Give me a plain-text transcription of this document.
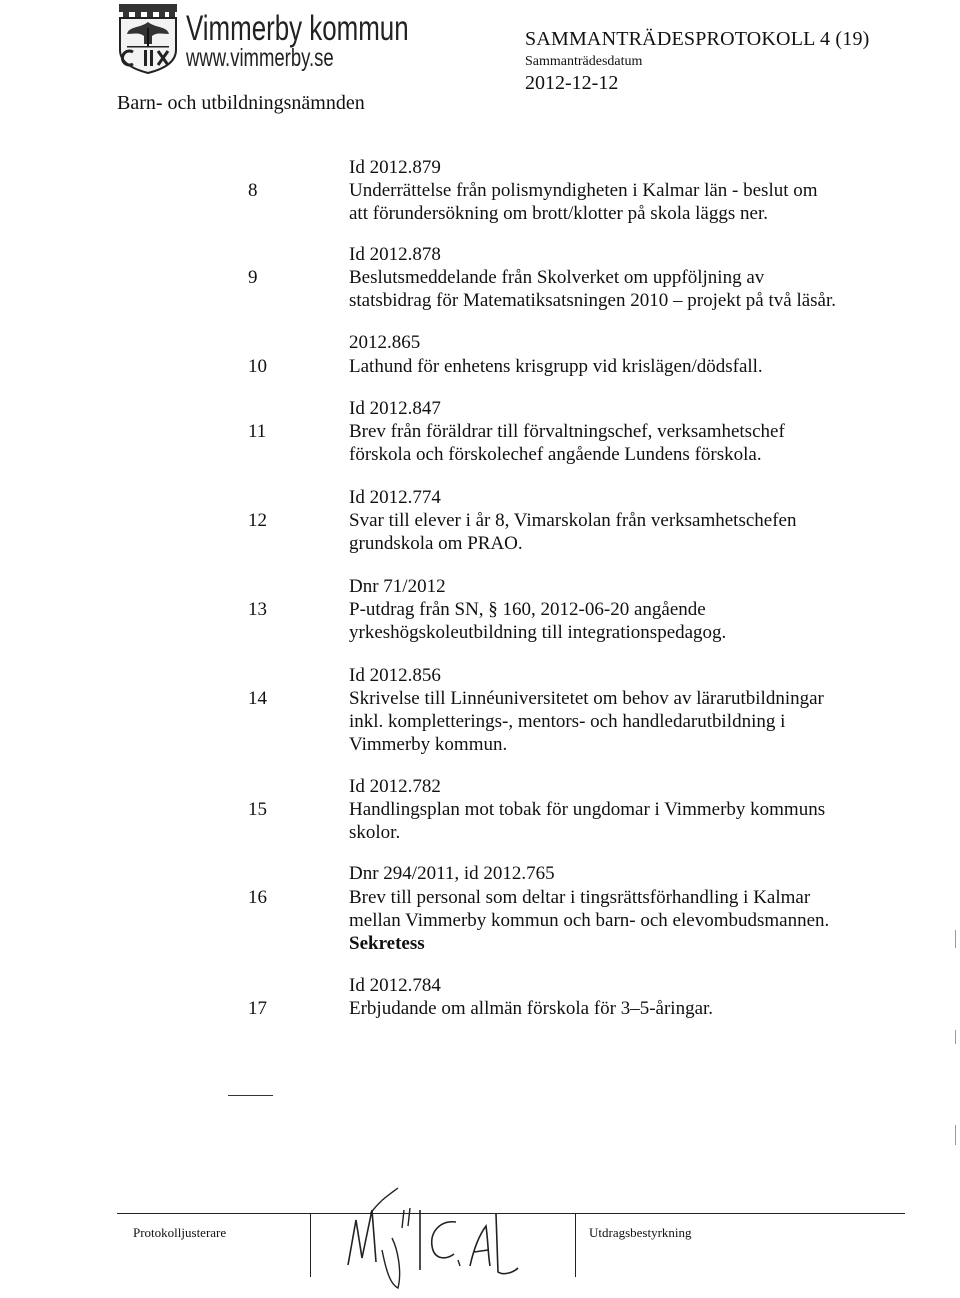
Vimmerby kommun
www.vimmerby.se
Barn- och utbildningsnämnden
SAMMANTRÄDESPROTOKOLL 4 (19)
Sammanträdesdatum
2012-12-12
Id 2012.879
8	Underrättelse från polismyndigheten i Kalmar län - beslut om
att förundersökning om brott/klotter på skola läggs ner.
Id 2012.878
9	Beslutsmeddelande från Skolverket om uppföljning av
statsbidrag för Matematiksatsningen 2010 – projekt på två läsår.
2012.865
10	Lathund för enhetens krisgrupp vid krislägen/dödsfall.
Id 2012.847
11	Brev från föräldrar till förvaltningschef, verksamhetschef
förskola och förskolechef angående Lundens förskola.
Id 2012.774
12	Svar till elever i år 8, Vimarskolan från verksamhetschefen
grundskola om PRAO.
Dnr 71/2012
13	P-utdrag från SN, § 160, 2012-06-20 angående
yrkeshögskoleutbildning till integrationspedagog.
Id 2012.856
14	Skrivelse till Linnéuniversitetet om behov av lärarutbildningar
inkl. kompletterings-, mentors- och handledarutbildning i
Vimmerby kommun.
Id 2012.782
15	Handlingsplan mot tobak för ungdomar i Vimmerby kommuns
skolor.
Dnr 294/2011, id 2012.765
16	Brev till personal som deltar i tingsrättsförhandling i Kalmar
mellan Vimmerby kommun och barn- och elevombudsmannen.
Sekretess
Id 2012.784
17	Erbjudande om allmän förskola för 3–5-åringar.
Protokolljusterare	Utdragsbestyrkning
